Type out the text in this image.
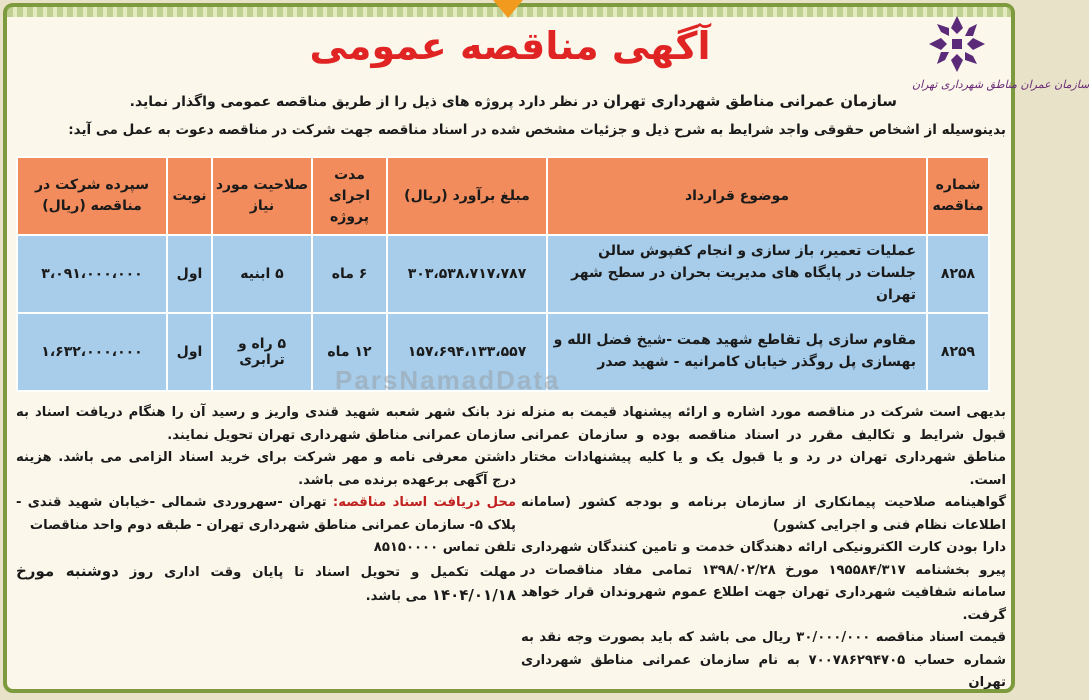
آگهی مناقصه عمومی
سازمان عمران مناطق شهرداری تهران
سازمان عمرانی مناطق شهرداری تهران در نظر دارد پروژه های ذیل را از طریق مناقصه عمومی واگذار نماید.
بدینوسیله از اشخاص حقوقی واجد شرایط به شرح ذیل و جزئیات مشخص شده در اسناد مناقصه جهت شرکت در مناقصه دعوت به عمل می آید:

شماره مناقصه	موضوع قرارداد	مبلغ برآورد (ریال)	مدت اجرای پروژه	صلاحیت مورد نیاز	نوبت	سپرده شرکت در مناقصه (ریال)
۸۲۵۸	عملیات تعمیر، باز سازی و انجام کفپوش سالن جلسات در پایگاه های مدیریت بحران در سطح شهر تهران	۳۰۳،۵۳۸،۷۱۷،۷۸۷	۶ ماه	۵ ابنیه	اول	۳،۰۹۱،۰۰۰،۰۰۰
۸۲۵۹	مقاوم سازی پل تقاطع شهید همت -شیخ فضل الله و بهسازی پل روگذر خیابان کامرانیه - شهید صدر	۱۵۷،۶۹۴،۱۳۳،۵۵۷	۱۲ ماه	۵ راه و ترابری	اول	۱،۶۳۲،۰۰۰،۰۰۰
ParsNamadData
بدیهی است شرکت در مناقصه مورد اشاره و ارائه پیشنهاد قیمت به منزله قبول شرایط و تکالیف مقرر در اسناد مناقصه بوده و سازمان عمرانی مناطق شهرداری تهران در رد و یا قبول یک و یا کلیه پیشنهادات مختار است.
گواهینامه صلاحیت پیمانکاری از سازمان برنامه و بودجه کشور (سامانه اطلاعات نظام فنی و اجرایی کشور)
دارا بودن کارت الکترونیکی ارائه دهندگان خدمت و تامین کنندگان شهرداری پیرو بخشنامه ۱۹۵۵۸۴/۳۱۷ مورخ ۱۳۹۸/۰۲/۲۸ تمامی مفاد مناقصات در سامانه شفافیت شهرداری تهران جهت اطلاع عموم شهروندان قرار خواهد گرفت.
قیمت اسناد مناقصه ۳۰/۰۰۰/۰۰۰ ریال می باشد که باید بصورت وجه نقد به شماره حساب ۷۰۰۷۸۶۲۹۴۷۰۵ به نام سازمان عمرانی مناطق شهرداری تهران
نزد بانک شهر شعبه شهید قندی واریز و رسید آن را هنگام دریافت اسناد به سازمان عمرانی مناطق شهرداری تهران تحویل نمایند.
داشتن معرفی نامه و مهر شرکت برای خرید اسناد الزامی می باشد. هزینه درج آگهی برعهده برنده می باشد.
محل دریافت اسناد مناقصه: تهران -سهروردی شمالی -خیابان شهید قندی - پلاک ۵- سازمان عمرانی مناطق شهرداری تهران - طبقه دوم واحد مناقصات
تلفن تماس ۸۵۱۵۰۰۰۰
مهلت تکمیل و تحویل اسناد تا پایان وقت اداری روز دوشنبه مورخ ۱۴۰۴/۰۱/۱۸ می باشد.
